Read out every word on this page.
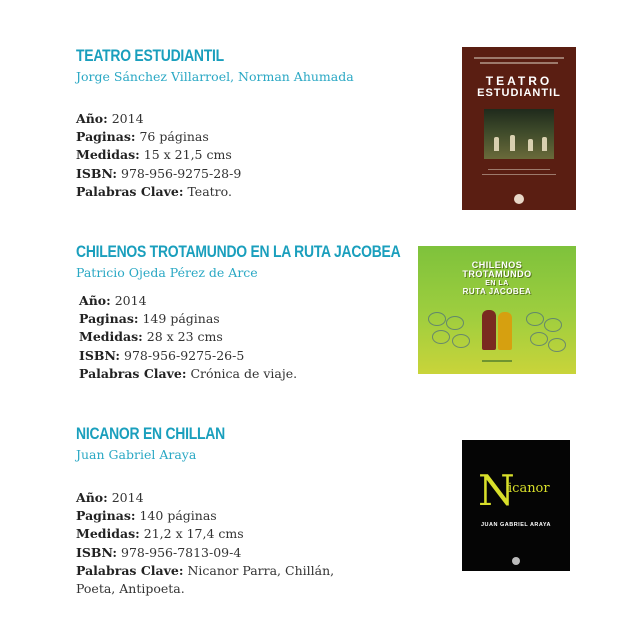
TEATRO ESTUDIANTIL
Jorge Sánchez Villarroel, Norman Ahumada
Año: 2014
Paginas: 76 páginas
Medidas: 15 x 21,5 cms
ISBN: 978-956-9275-28-9
Palabras Clave: Teatro.
TEATRO
ESTUDIANTIL
CHILENOS TROTAMUNDO EN LA RUTA JACOBEA
Patricio Ojeda Pérez de Arce
Año: 2014
Paginas: 149 páginas
Medidas: 28 x 23 cms
ISBN: 978-956-9275-26-5
Palabras Clave: Crónica de viaje.
CHILENOS
TROTAMUNDO
EN LA
RUTA JACOBEA
NICANOR EN CHILLAN
Juan Gabriel Araya
Año: 2014
Paginas: 140 páginas
Medidas: 21,2 x 17,4 cms
ISBN: 978-956-7813-09-4
Palabras Clave: Nicanor Parra, Chillán,
Poeta, Antipoeta.
N
icanor
JUAN GABRIEL ARAYA
